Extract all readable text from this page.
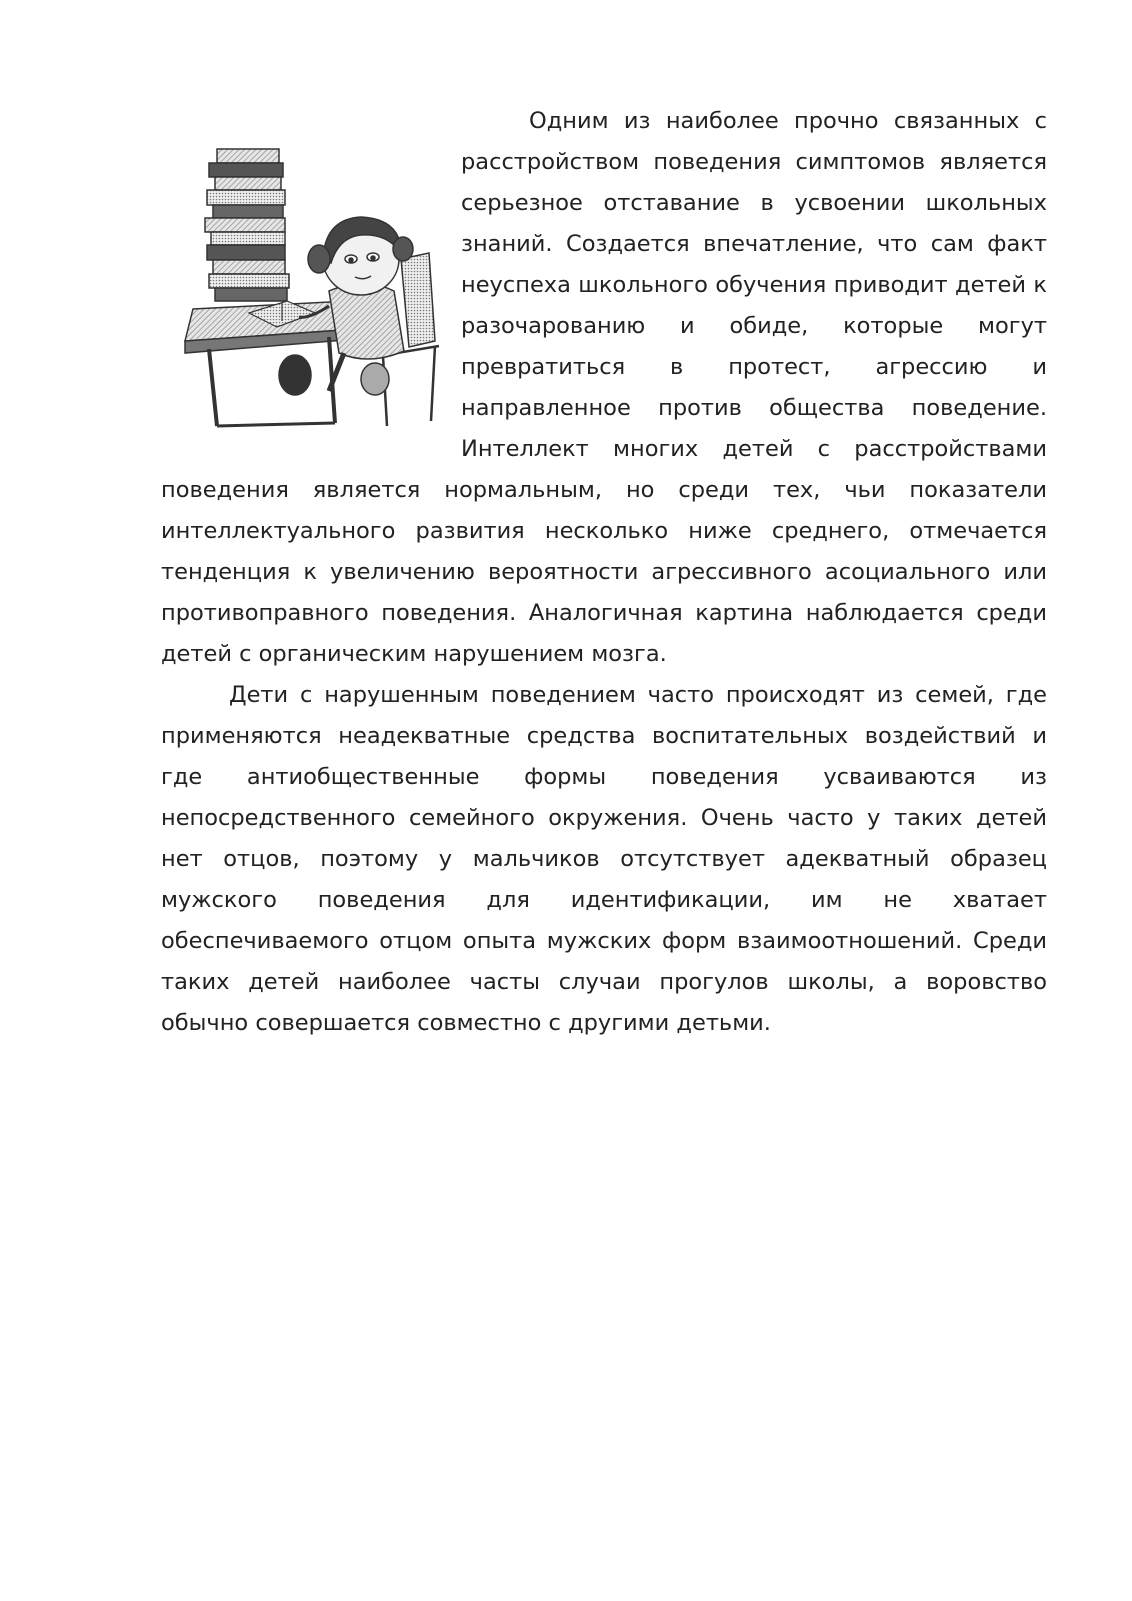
Одним из наиболее прочно связанных с расстройством поведения симптомов является серьезное отставание в усвоении школьных знаний. Создается впечатление, что сам факт неуспеха школьного обучения приводит детей к разочарованию и обиде, которые могут превратиться в протест, агрессию и направленное против общества поведение. Интеллект многих детей с расстройствами поведения является нормальным, но среди тех, чьи показатели интеллектуального развития несколько ниже среднего, отмечается тенденция к увеличению вероятности агрессивного асоциального или противоправного поведения. Аналогичная картина наблюдается среди детей с органическим нарушением мозга.

Дети с нарушенным поведением часто происходят из семей, где применяются неадекватные средства воспитательных воздействий и где антиобщественные формы поведения усваиваются из непосредственного семейного окружения. Очень часто у таких детей нет отцов, поэтому у мальчиков отсутствует адекватный образец мужского поведения для идентификации, им не хватает обеспечиваемого отцом опыта мужских форм взаимоотношений. Среди таких детей наиболее часты случаи прогулов школы, а воровство обычно совершается совместно с другими детьми.
